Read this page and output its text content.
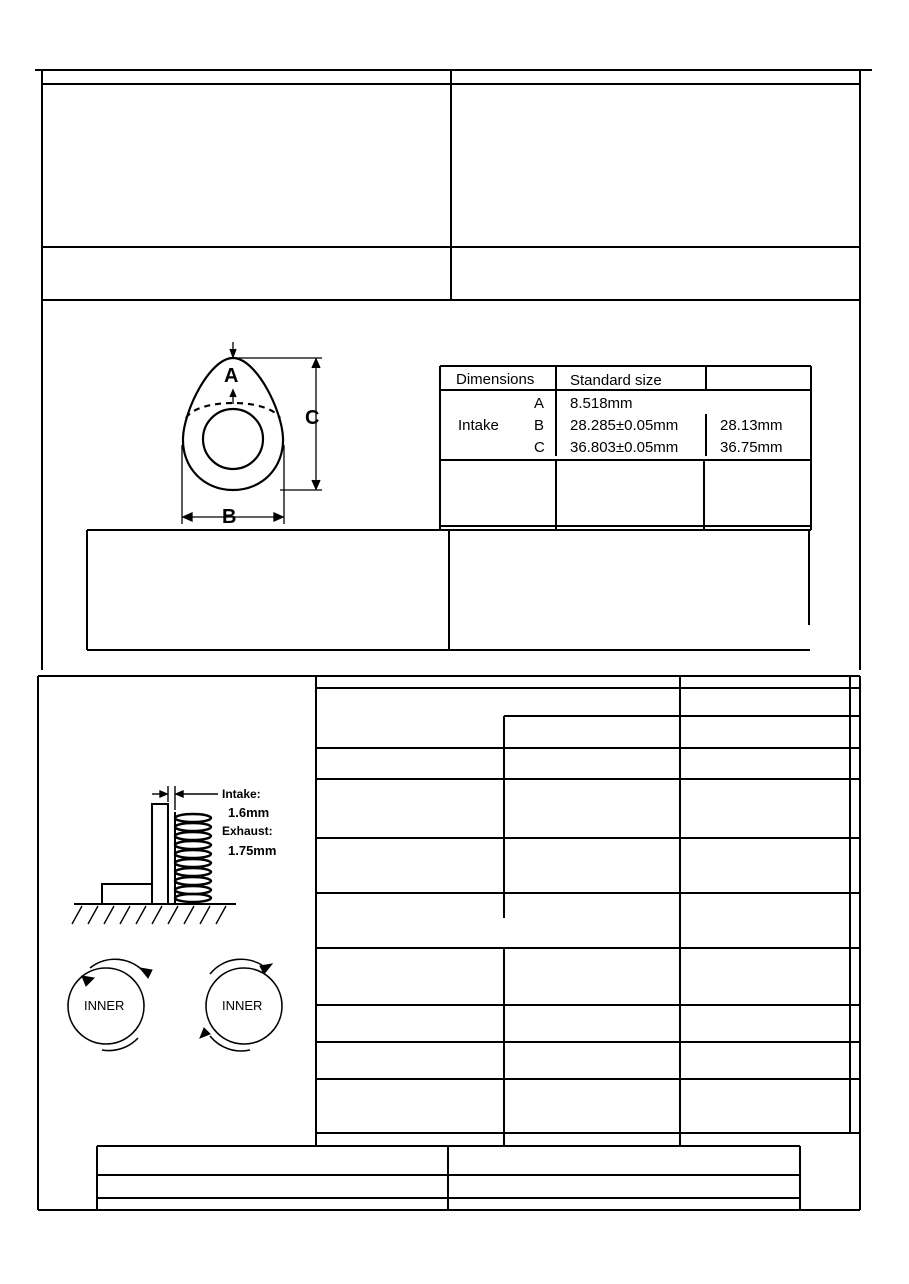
A
C
B
Dimensions Standard size
Intake
A 8.518mm
B 28.285±0.05mm	28.13mm
C 36.803±0.05mm	36.75mm
Intake:
1.6mm
Exhaust:
1.75mm
INNER	INNER
